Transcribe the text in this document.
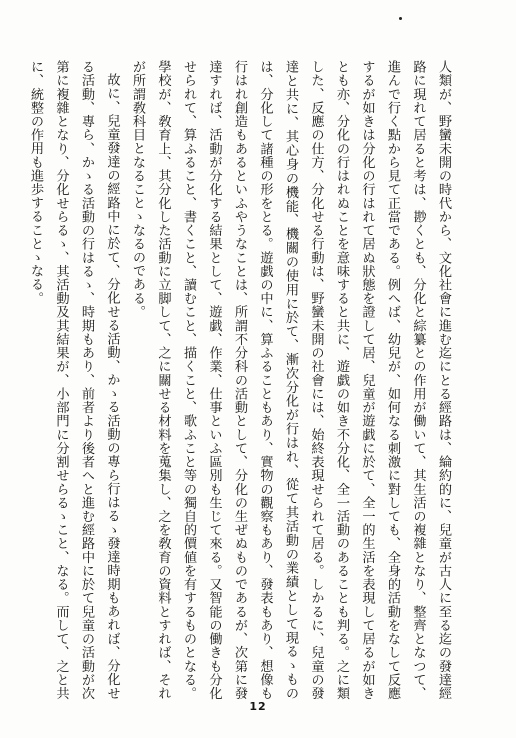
人類が、野蠻未開の時代から、文化社會に進む迄にとる經路は、綸約的に、兒童が古人に至る迄の發達經路に現れて居ると考は、尠くとも、分化と綜纂との作用が働いて、其生活の複雜となり、整齊となつて、進んで行く點から見て正當である。例へば、幼兒が、如何なる刺激に對しても、全身的活動をなして反應するが如きは分化の行はれて居ぬ狀態を證して居、兒童が遊戯に於て、全一的生活を表現して居るが如きとも亦、分化の行はれぬことを意味すると共に、遊戯の如き不分化、全一活動のあることも判る。之に類した、反應の仕方、分化せる行動は、野蠻未開の社會には、始終表現せられて居る。しかるに、兒童の發達と共に、其心身の機能、機關の使用に於て、漸次分化が行はれ、從て其活動の業績として現るゝものは、分化して諸種の形をとる。遊戯の中に、算ふることもあり、實物の觀察もあり、發表もあり、想像も行はれ創造もあるといふやうなことは、所謂不分科の活動として、分化の生ぜぬものであるが、次第に發達すれば、活動が分化する結果として、遊戯、作業、仕事といふ區別も生じて來る。又智能の働きも分化せられて、算ふること、書くこと、讀むこと、描くこと、歌ふこと等の獨自的價値を有するものとなる。學校が、敎育上、其分化した活動に立脚して、之に關せる材料を蒐集し、之を敎育の資料とすれば、それが所謂敎科目となることゝなるのである。

故に、兒童發達の經路中に於て、分化せる活動、かゝる活動の專ら行はるゝ發達時期もあれば、分化せる活動、專ら、かゝる活動の行はるゝ、時期もあり、前者より後者へと進む經路中に於て兒童の活動が次第に複雜となり、分化せらるゝ、其活動及其結果が、小部門に分割せらるゝこと、なる。而して、之と共に、統整の作用も進歩することゝなる。

12
